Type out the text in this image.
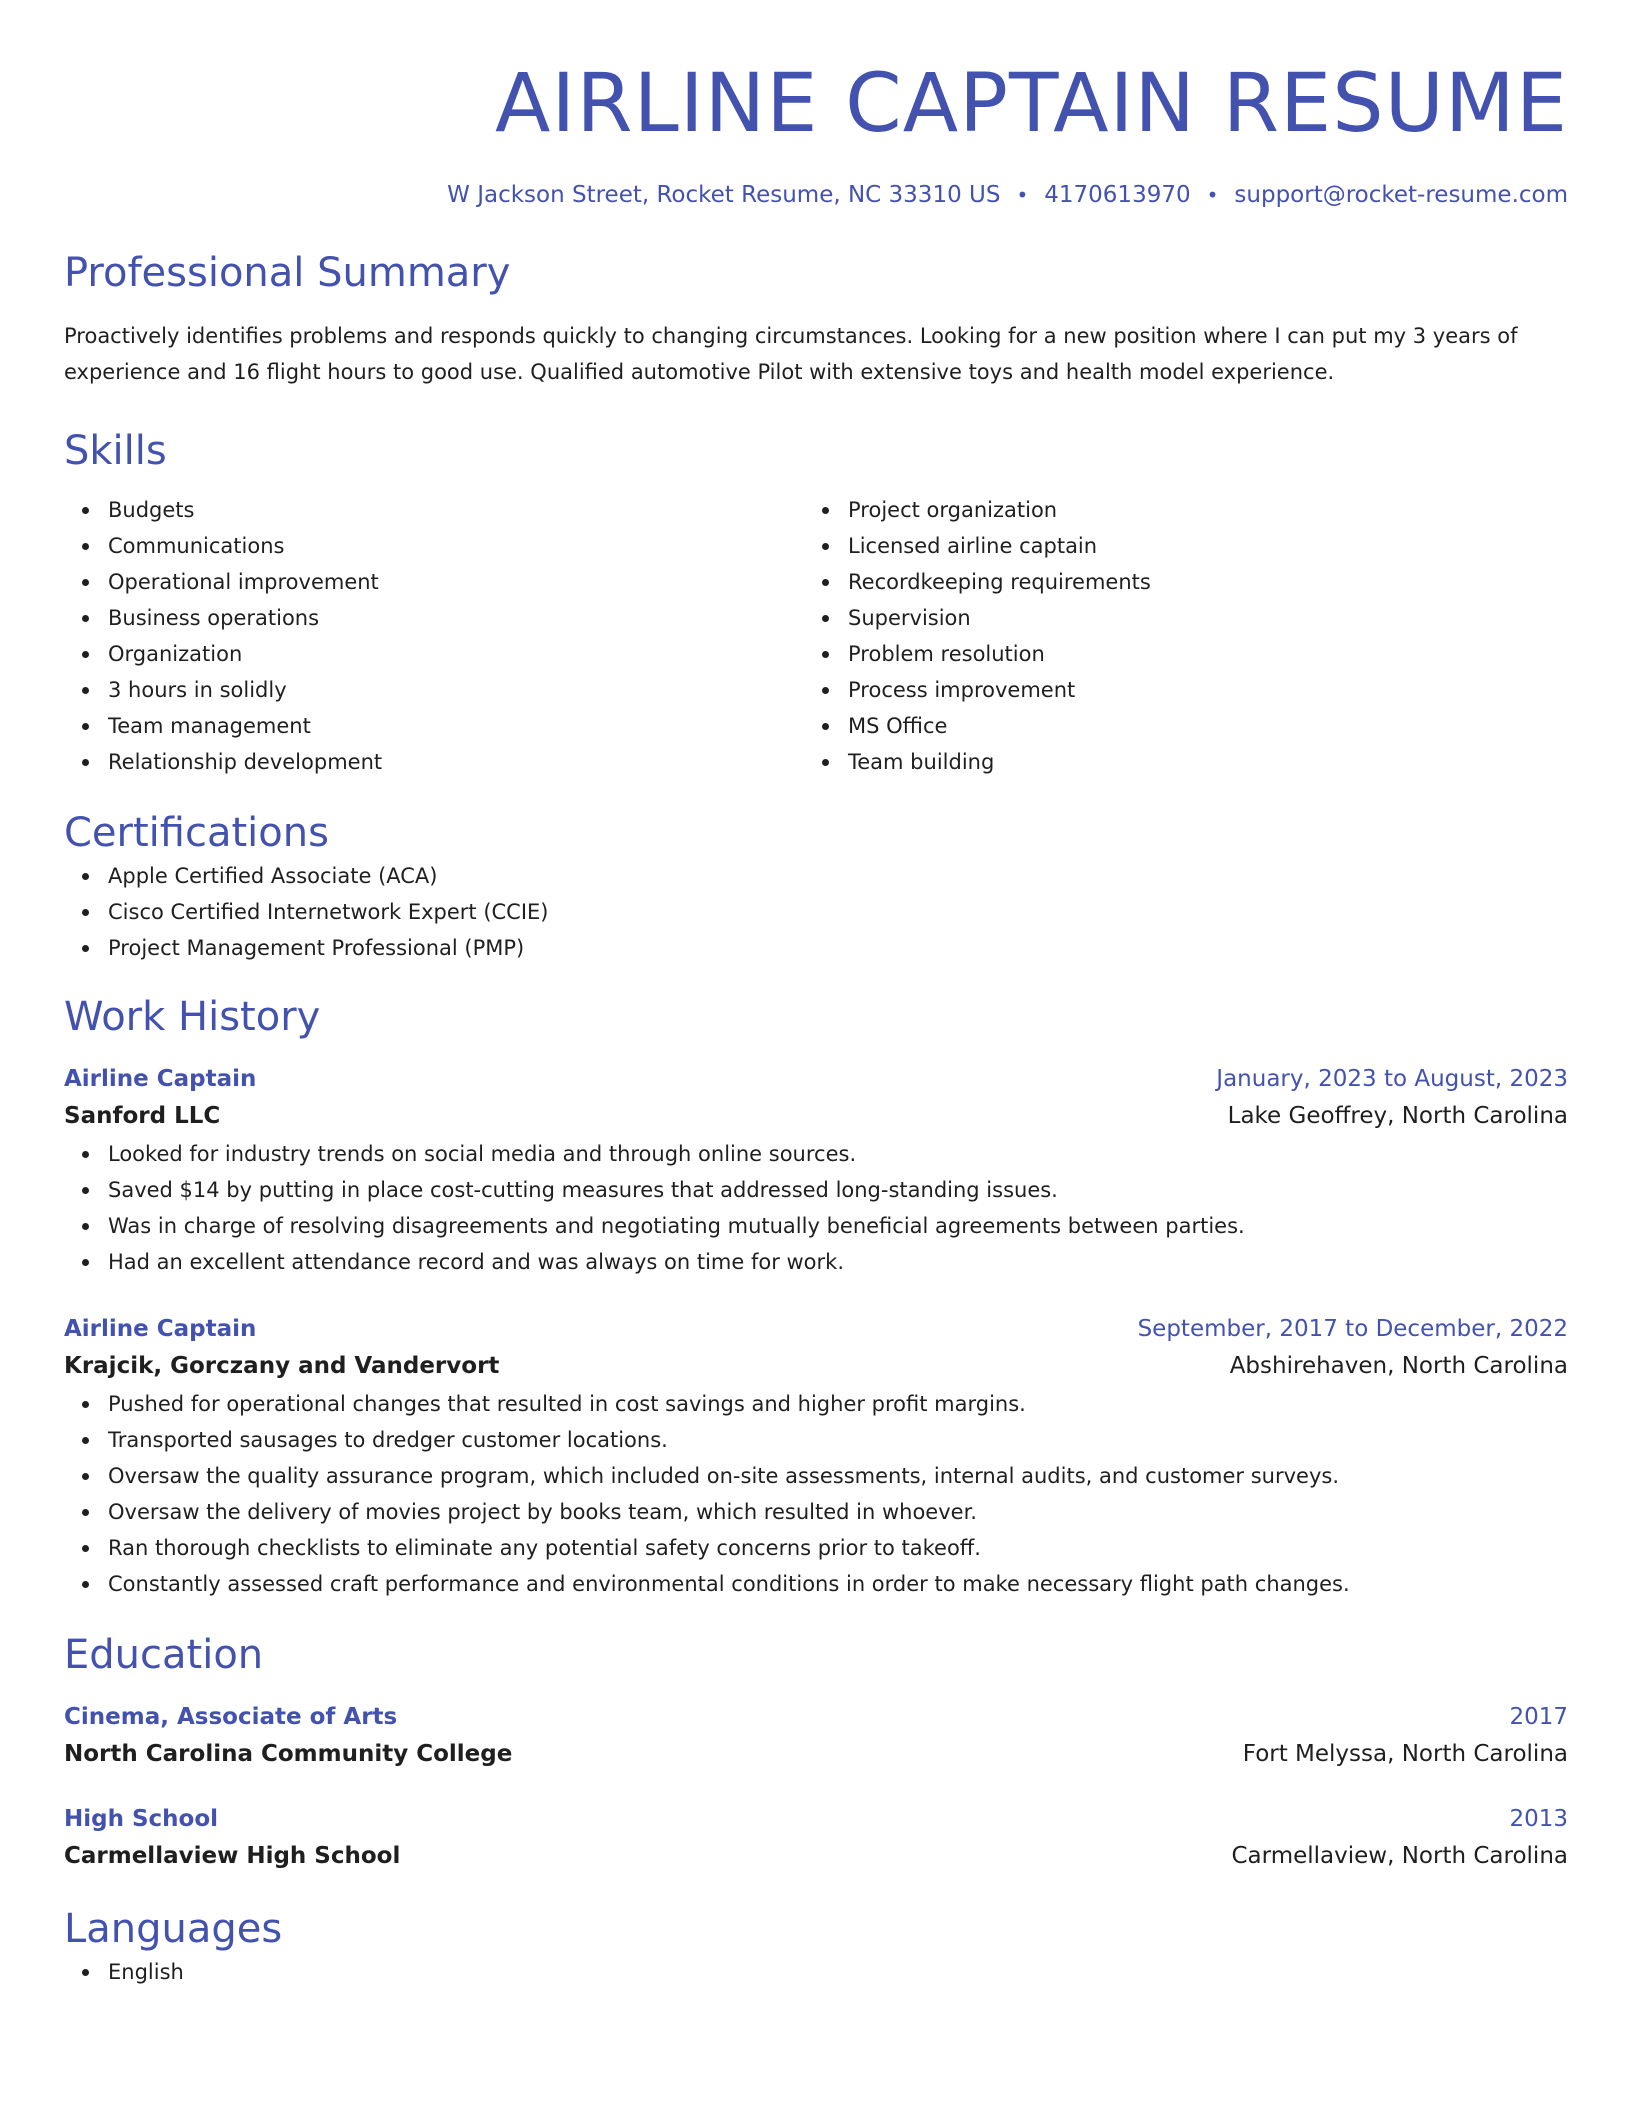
AIRLINE CAPTAIN RESUME
W Jackson Street, Rocket Resume, NC 33310 US • 4170613970 • support@rocket-resume.com
Professional Summary
Proactively identifies problems and responds quickly to changing circumstances. Looking for a new position where I can put my 3 years of experience and 16 flight hours to good use. Qualified automotive Pilot with extensive toys and health model experience.
Skills
Budgets
Communications
Operational improvement
Business operations
Organization
3 hours in solidly
Team management
Relationship development
Project organization
Licensed airline captain
Recordkeeping requirements
Supervision
Problem resolution
Process improvement
MS Office
Team building
Certifications
Apple Certified Associate (ACA)
Cisco Certified Internetwork Expert (CCIE)
Project Management Professional (PMP)
Work History
Airline Captain	January, 2023 to August, 2023
Sanford LLC	Lake Geoffrey, North Carolina
Looked for industry trends on social media and through online sources.
Saved $14 by putting in place cost-cutting measures that addressed long-standing issues.
Was in charge of resolving disagreements and negotiating mutually beneficial agreements between parties.
Had an excellent attendance record and was always on time for work.
Airline Captain	September, 2017 to December, 2022
Krajcik, Gorczany and Vandervort	Abshirehaven, North Carolina
Pushed for operational changes that resulted in cost savings and higher profit margins.
Transported sausages to dredger customer locations.
Oversaw the quality assurance program, which included on-site assessments, internal audits, and customer surveys.
Oversaw the delivery of movies project by books team, which resulted in whoever.
Ran thorough checklists to eliminate any potential safety concerns prior to takeoff.
Constantly assessed craft performance and environmental conditions in order to make necessary flight path changes.
Education
Cinema, Associate of Arts	2017
North Carolina Community College	Fort Melyssa, North Carolina
High School	2013
Carmellaview High School	Carmellaview, North Carolina
Languages
English
